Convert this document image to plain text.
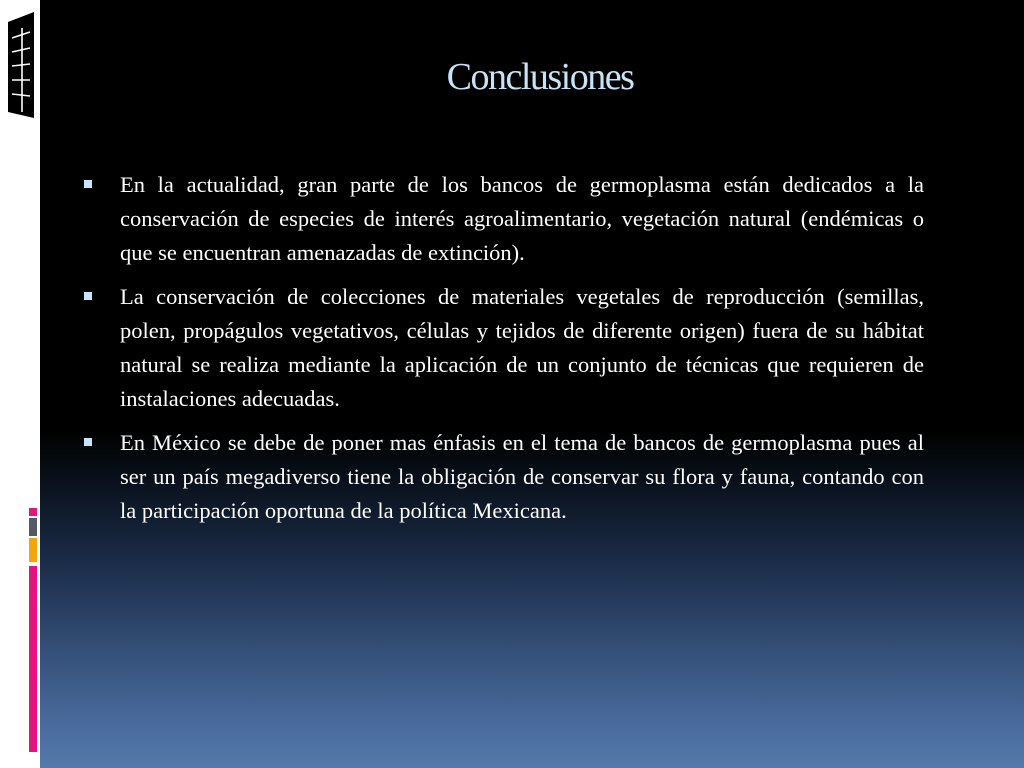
Conclusiones
En la actualidad, gran parte de los bancos de germoplasma están dedicados a la conservación de especies de interés agroalimentario, vegetación natural (endémicas o que se encuentran amenazadas de extinción).
La conservación de colecciones de materiales vegetales de reproducción (semillas, polen, propágulos vegetativos, células y tejidos de diferente origen) fuera de su hábitat natural se realiza mediante la aplicación de un conjunto de técnicas que requieren de instalaciones adecuadas.
En México se debe de poner mas énfasis en el tema de bancos de germoplasma pues al ser un país megadiverso tiene la obligación de conservar su flora y fauna, contando con la participación oportuna de la política Mexicana.
